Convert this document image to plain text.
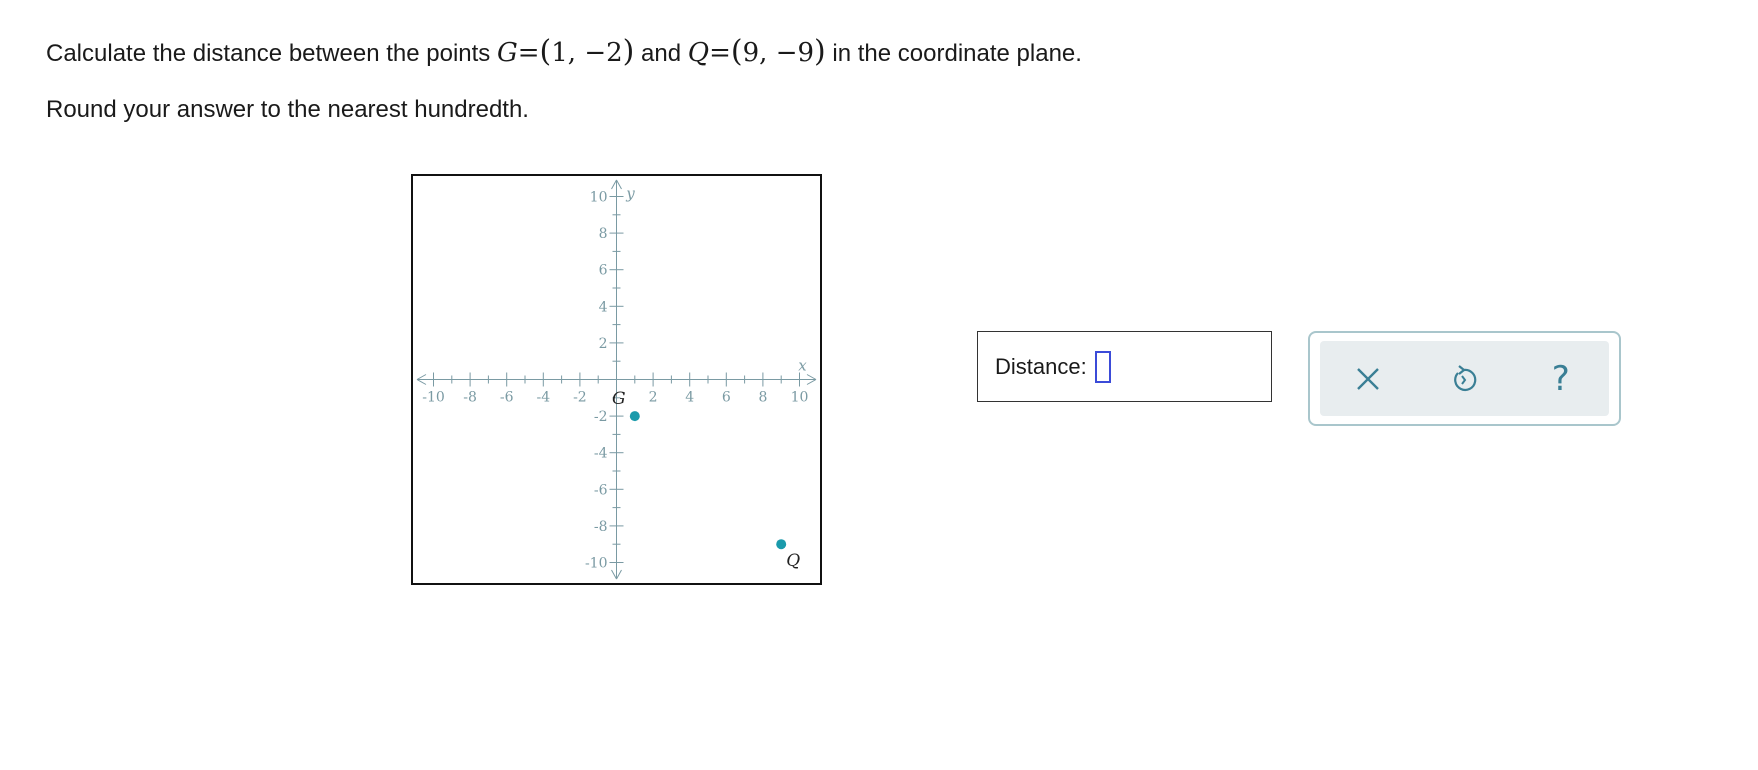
Calculate the distance between the points G=(1, −2) and Q=(9, −9) in the coordinate plane.
Round your answer to the nearest hundredth.
-10 -8 -6 -4 -2	2 4 6 8 10
10
8
6
4
2
-2
-4
-6
-8
-10
x
y
G
Q
Distance:	?
